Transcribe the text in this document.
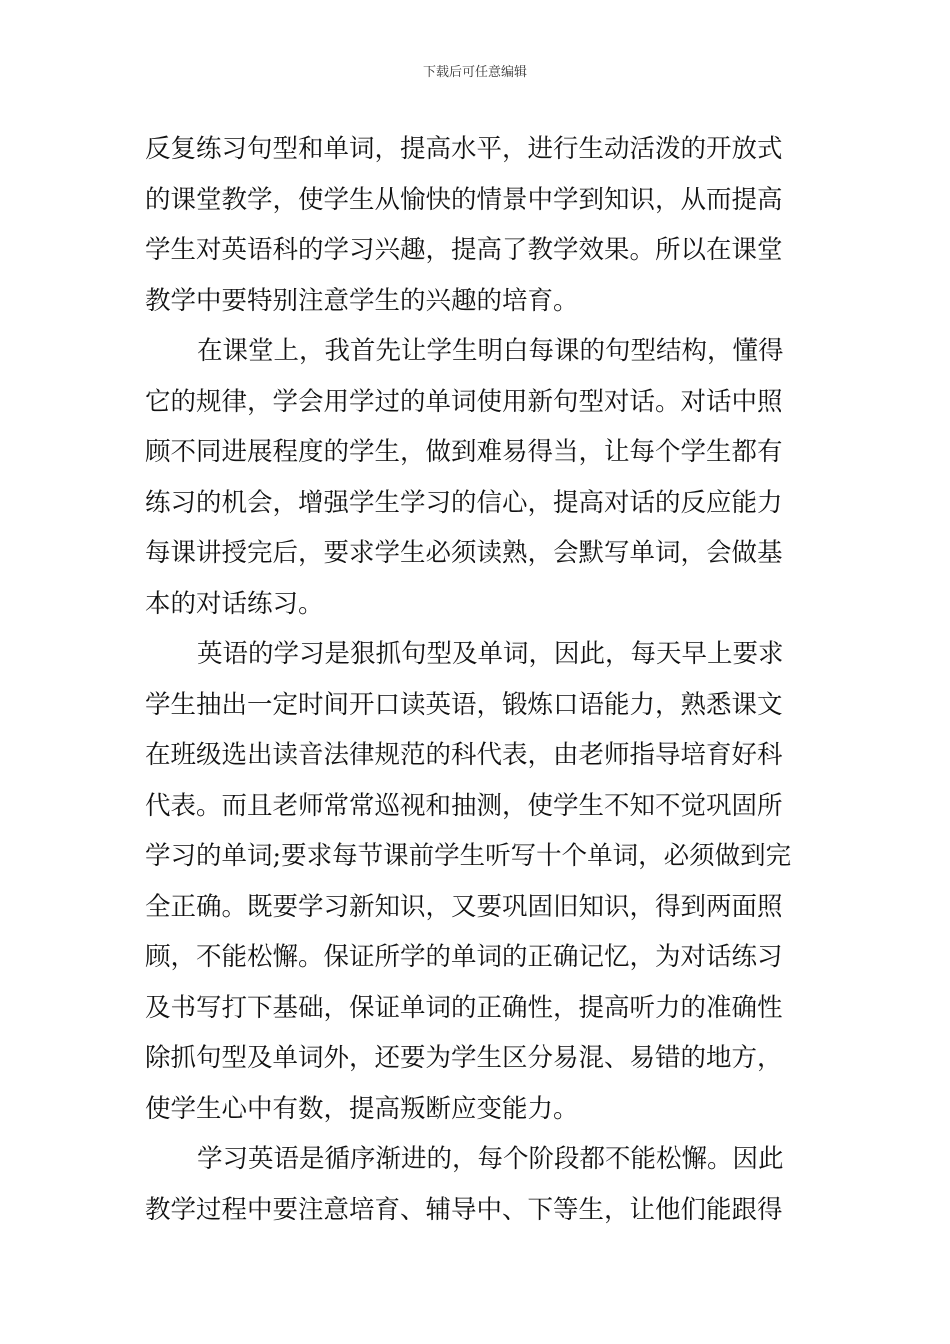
下载后可任意编辑
反复练习句型和单词，提高水平，进行生动活泼的开放式
的课堂教学，使学生从愉快的情景中学到知识，从而提高
学生对英语科的学习兴趣，提高了教学效果。所以在课堂
教学中要特别注意学生的兴趣的培育。
在课堂上，我首先让学生明白每课的句型结构，懂得
它的规律，学会用学过的单词使用新句型对话。对话中照
顾不同进展程度的学生，做到难易得当，让每个学生都有
练习的机会，增强学生学习的信心，提高对话的反应能力
每课讲授完后，要求学生必须读熟，会默写单词，会做基
本的对话练习。
英语的学习是狠抓句型及单词，因此，每天早上要求
学生抽出一定时间开口读英语，锻炼口语能力，熟悉课文
在班级选出读音法律规范的科代表，由老师指导培育好科
代表。而且老师常常巡视和抽测，使学生不知不觉巩固所
学习的单词;要求每节课前学生听写十个单词，必须做到完
全正确。既要学习新知识，又要巩固旧知识，得到两面照
顾，不能松懈。保证所学的单词的正确记忆，为对话练习
及书写打下基础，保证单词的正确性，提高听力的准确性
除抓句型及单词外，还要为学生区分易混、易错的地方，
使学生心中有数，提高叛断应变能力。
学习英语是循序渐进的，每个阶段都不能松懈。因此
教学过程中要注意培育、辅导中、下等生，让他们能跟得
